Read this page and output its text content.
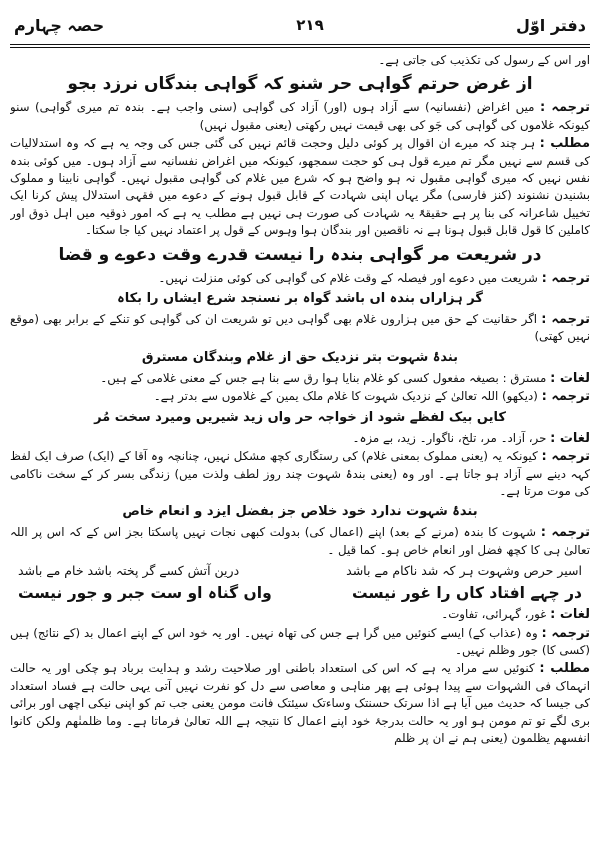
حصہ چہارم	۲۱۹	دفتر اوّل

اور اس کے رسول کی تکذیب کی جاتی ہے۔

از غرض حرتم گواہی حر شنو کہ گواہی بندگاں نرزد بجو

ترجمہ : میں اغراض (نفسانیہ) سے آزاد ہوں (اور) آزاد کی گواہی (سنی واجب ہے۔ بندہ تم میری گواہی) سنو کیونکہ غلاموں کی گواہی کی جَو کی بھی قیمت نہیں رکھتی (یعنی مقبول نہیں)

مطلب : ہر چند کہ میرے ان اقوال پر کوئی دلیل وحجت قائم نہیں کی گئی جس کی وجہ یہ ہے کہ وہ استدلالیات کی قسم سے نہیں مگر تم میرے قول ہی کو حجت سمجھو، کیونکہ میں اغراض نفسانیہ سے آزاد ہوں۔ میں کوئی بندہ نفس نہیں کہ میری گواہی مقبول نہ ہو واضح ہو کہ شرع میں غلام کی گواہی مقبول نہیں۔ گواہی نابینا و مملوک بشنیدن نشنوند (کنز فارسی) مگر یہاں اپنی شہادت کے قابل قبول ہونے کے دعوے میں فقہی استدلال پیش کرنا ایک تخییل شاعرانہ کی بنا پر ہے حقیقۃً یہ شہادت کی صورت ہی نہیں ہے مطلب یہ ہے کہ امور ذوقیہ میں اہل ذوق اور کاملین کا قول قابل قبول ہونا ہے نہ ناقصین اور بندگان ہوا وہوس کے قول پر اعتماد نہیں کیا جا سکتا۔

در شریعت مر گواہی بندہ را نیست قدرے وقت دعوے و قضا

ترجمہ : شریعت میں دعوے اور فیصلہ کے وقت غلام کی گواہی کی کوئی منزلت نہیں۔

گر ہزاراں بندہ اں باشد گواہ بر نسنجد شرع ایشاں را بکاہ

ترجمہ : اگر حقانیت کے حق میں ہزاروں غلام بھی گواہی دیں تو شریعت ان کی گواہی کو تنکے کے برابر بھی (موقع نہیں کھتی)

بندۂ شہوت بتر نزدیک حق از غلام وبندگان مسترق

لغات : مسترق : بصیغہ مفعول کسی کو غلام بنایا ہوا رق سے بنا ہے جس کے معنی غلامی کے ہیں۔

ترجمہ : (دیکھو) اللہ تعالیٰ کے نزدیک شہوت کا غلام ملک یمین کے غلاموں سے بدتر ہے۔

کایں بیک لفظے شود از خواجہ حر واں زید شیریں ومیرد سخت مُر

لغات : حر، آزاد۔ مر، تلخ، ناگوار۔ زید، بے مزہ۔

ترجمہ : کیونکہ یہ (یعنی مملوک بمعنی غلام) کی رستگاری کچھ مشکل نہیں، چنانچہ وہ آقا کے (ایک) صرف ایک لفظ کہہ دینے سے آزاد ہو جاتا ہے۔ اور وہ (یعنی بندۂ شہوت چند روز لطف ولذت میں) زندگی بسر کر کے سخت ناکامی کی موت مرتا ہے۔

بندۂ شہوت ندارد خود خلاص جز بفضل ایزد و انعام خاص

ترجمہ : شہوت کا بندہ (مرنے کے بعد) اپنے (اعمال کی) بدولت کبھی نجات نہیں پاسکتا بجز اس کے کہ اس پر اللہ تعالیٰ ہی کا کچھ فضل اور انعام خاص ہو۔ کما قیل ۔

اسیر حرص وشہوت ہر کہ شد ناکام مے باشد
درین آتش کسے گر پختہ باشد خام مے باشد
در چہے افتاد کاں را غور نیست
واں گناہ او ست جبر و جور نیست

لغات : غور، گہرائی، تفاوت۔

ترجمہ : وہ (عذاب کے) ایسے کنوئیں میں گرا ہے جس کی تھاہ نہیں۔ اور یہ خود اس کے اپنے اعمال بد (کے نتائج) ہیں (کسی کا) جور وظلم نہیں۔

مطلب : کنوئیں سے مراد یہ ہے کہ اس کی استعداد باطنی اور صلاحیت رشد و ہدایت برباد ہو چکی اور یہ حالت انہماک فی الشہوات سے پیدا ہوئی ہے پھر مناہی و معاصی سے دل کو نفرت نہیں آتی یہی حالت ہے فساد استعداد کی جیسا کہ حدیث میں آیا ہے اذا سرتک حسنتک وساءتک سیئتک فانت مومن یعنی جب تم کو اپنی نیکی اچھی اور برائی بری لگے تو تم مومن ہو اور یہ حالت بدرجۂ خود اپنے اعمال کا نتیجہ ہے اللہ تعالیٰ فرماتا ہے۔ وما ظلمنٰھم ولکن کانوا انفسھم یظلمون (یعنی ہم نے ان پر ظلم
